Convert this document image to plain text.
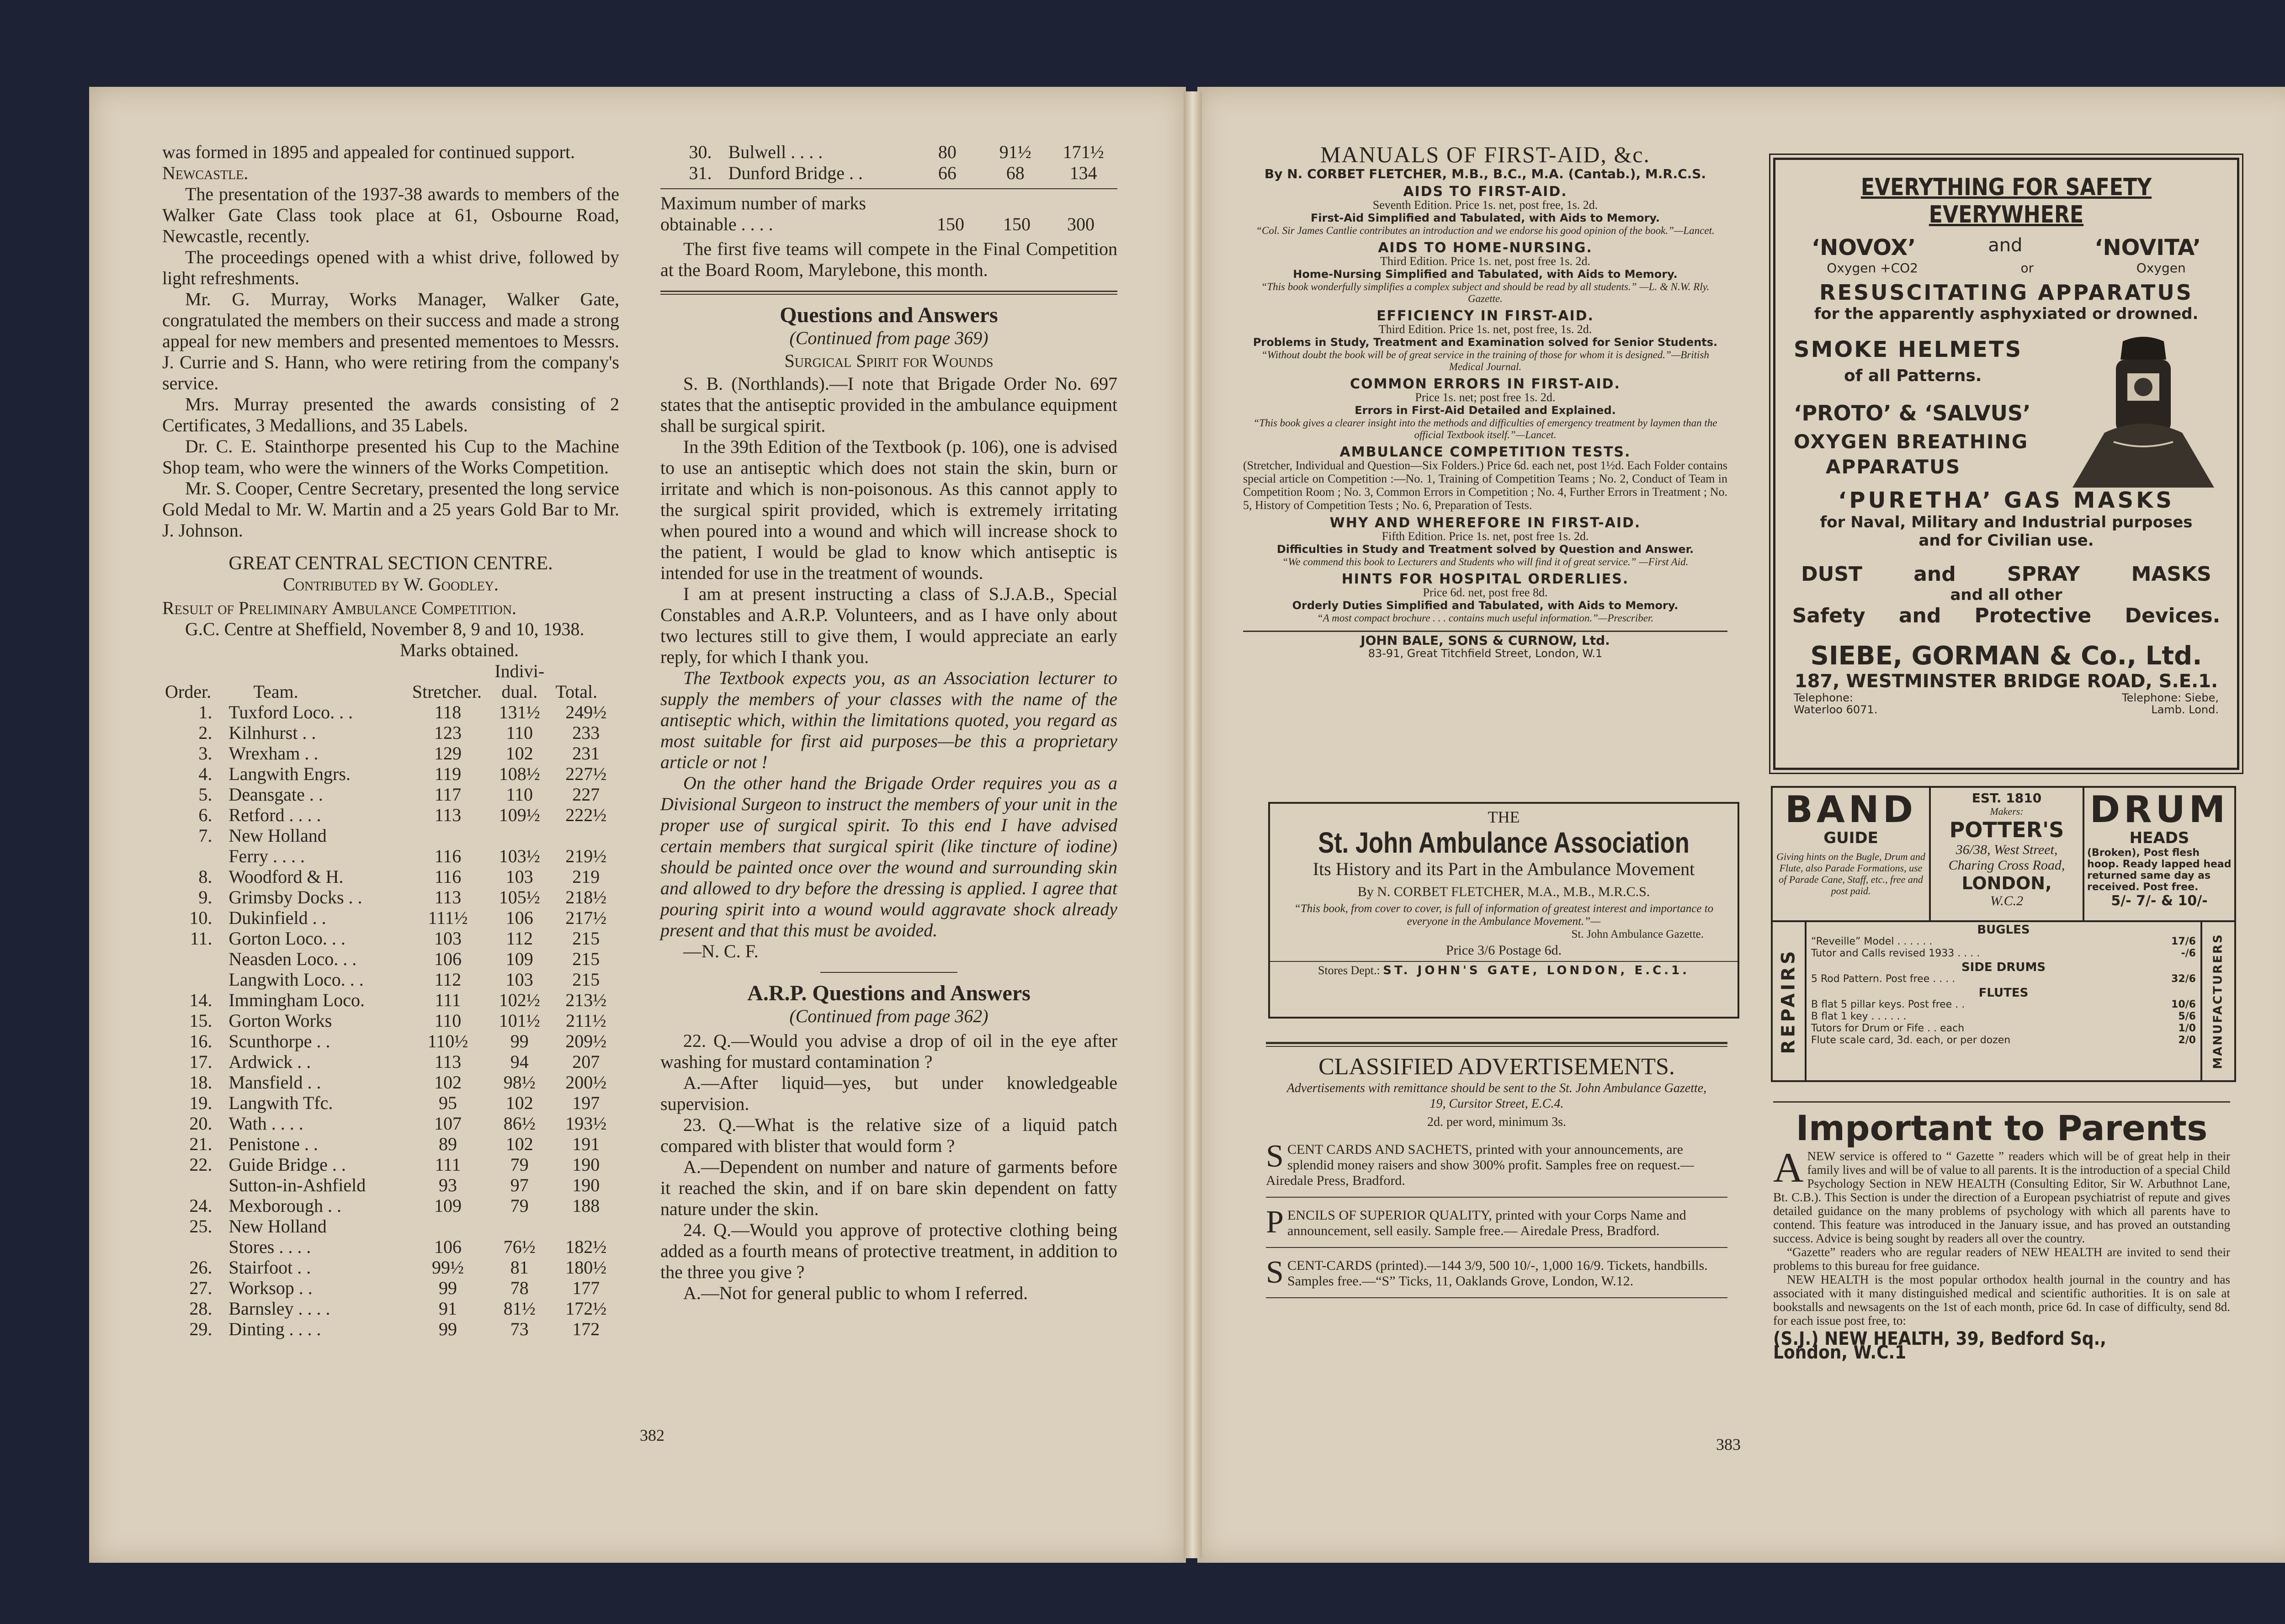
was formed in 1895 and appealed for continued support.

Newcastle.

The presentation of the 1937-38 awards to members of the Walker Gate Class took place at 61, Osbourne Road, Newcastle, recently.

The proceedings opened with a whist drive, followed by light refreshments.

Mr. G. Murray, Works Manager, Walker Gate, congratulated the members on their success and made a strong appeal for new members and presented mementoes to Messrs. J. Currie and S. Hann, who were retiring from the company's service.

Mrs. Murray presented the awards consisting of 2 Certificates, 3 Medallions, and 35 Labels.

Dr. C. E. Stainthorpe presented his Cup to the Machine Shop team, who were the winners of the Works Competition.

Mr. S. Cooper, Centre Secretary, presented the long service Gold Medal to Mr. W. Martin and a 25 years Gold Bar to Mr. J. Johnson.

GREAT CENTRAL SECTION CENTRE.
Contributed by W. Goodley.
Result of Preliminary Ambulance Competition.

G.C. Centre at Sheffield, November 8, 9 and 10, 1938.

Marks obtained.
Order.	Team.	Stretcher.	Indivi-dual.	Total.
1.	Tuxford Loco. . .	118	131½	249½
2.	Kilnhurst . .	123	110	233
3.	Wrexham . .	129	102	231
4.	Langwith Engrs.	119	108½	227½
5.	Deansgate . .	117	110	227
6.	Retford . . . .	113	109½	222½
7.	New Holland			
	Ferry . . . .	116	103½	219½
8.	Woodford & H.	116	103	219
9.	Grimsby Docks . .	113	105½	218½
10.	Dukinfield . .	111½	106	217½
11.	Gorton Loco. . .	103	112	215
	Neasden Loco. . .	106	109	215
	Langwith Loco. . .	112	103	215
14.	Immingham Loco.	111	102½	213½
15.	Gorton Works	110	101½	211½
16.	Scunthorpe . .	110½	99	209½
17.	Ardwick . .	113	94	207
18.	Mansfield . .	102	98½	200½
19.	Langwith Tfc.	95	102	197
20.	Wath . . . .	107	86½	193½
21.	Penistone . .	89	102	191
22.	Guide Bridge . .	111	79	190
	Sutton-in-Ashfield	93	97	190
24.	Mexborough . .	109	79	188
25.	New Holland			
	Stores . . . .	106	76½	182½
26.	Stairfoot . .	99½	81	180½
27.	Worksop . .	99	78	177
28.	Barnsley . . . .	91	81½	172½
29.	Dinting . . . .	99	73	172
30.	Bulwell . . . .	80	91½	171½
31.	Dunford Bridge . .	66	68	134
Maximum number of marks obtainable . . . .	150	150	300

The first five teams will compete in the Final Competition at the Board Room, Marylebone, this month.

Questions and Answers
(Continued from page 369)
Surgical Spirit for Wounds

S. B. (Northlands).—I note that Brigade Order No. 697 states that the antiseptic provided in the ambulance equipment shall be surgical spirit.

In the 39th Edition of the Textbook (p. 106), one is advised to use an antiseptic which does not stain the skin, burn or irritate and which is non-poisonous. As this cannot apply to the surgical spirit provided, which is extremely irritating when poured into a wound and which will increase shock to the patient, I would be glad to know which antiseptic is intended for use in the treatment of wounds.

I am at present instructing a class of S.J.A.B., Special Constables and A.R.P. Volunteers, and as I have only about two lectures still to give them, I would appreciate an early reply, for which I thank you.

The Textbook expects you, as an Association lecturer to supply the members of your classes with the name of the antiseptic which, within the limitations quoted, you regard as most suitable for first aid purposes—be this a proprietary article or not !

On the other hand the Brigade Order requires you as a Divisional Surgeon to instruct the members of your unit in the proper use of surgical spirit. To this end I have advised certain members that surgical spirit (like tincture of iodine) should be painted once over the wound and surrounding skin and allowed to dry before the dressing is applied. I agree that pouring spirit into a wound would aggravate shock already present and that this must be avoided.

—N. C. F.
A.R.P. Questions and Answers
(Continued from page 362)

22. Q.—Would you advise a drop of oil in the eye after washing for mustard contamination ?

A.—After liquid—yes, but under knowledgeable supervision.

23. Q.—What is the relative size of a liquid patch compared with blister that would form ?

A.—Dependent on number and nature of garments before it reached the skin, and if on bare skin dependent on fatty nature under the skin.

24. Q.—Would you approve of protective clothing being added as a fourth means of protective treatment, in addition to the three you give ?

A.—Not for general public to whom I referred.

382
MANUALS OF FIRST-AID, &c.
By N. CORBET FLETCHER, M.B., B.C., M.A. (Cantab.), M.R.C.S.
AIDS TO FIRST-AID.
Seventh Edition. Price 1s. net, post free, 1s. 2d.
First-Aid Simplified and Tabulated, with Aids to Memory.
“Col. Sir James Cantlie contributes an introduction and we endorse his good opinion of the book.”—Lancet.
AIDS TO HOME-NURSING.
Third Edition. Price 1s. net, post free 1s. 2d.
Home-Nursing Simplified and Tabulated, with Aids to Memory.
“This book wonderfully simplifies a complex subject and should be read by all students.” —L. & N.W. Rly. Gazette.
EFFICIENCY IN FIRST-AID.
Third Edition. Price 1s. net, post free, 1s. 2d.
Problems in Study, Treatment and Examination solved for Senior Students.
“Without doubt the book will be of great service in the training of those for whom it is designed.”—British Medical Journal.
COMMON ERRORS IN FIRST-AID.
Price 1s. net; post free 1s. 2d.
Errors in First-Aid Detailed and Explained.
“This book gives a clearer insight into the methods and difficulties of emergency treatment by laymen than the official Textbook itself.”—Lancet.
AMBULANCE COMPETITION TESTS.
(Stretcher, Individual and Question—Six Folders.) Price 6d. each net, post 1½d. Each Folder contains special article on Competition :—No. 1, Training of Competition Teams ; No. 2, Conduct of Team in Competition Room ; No. 3, Common Errors in Competition ; No. 4, Further Errors in Treatment ; No. 5, History of Competition Tests ; No. 6, Preparation of Tests.
WHY AND WHEREFORE IN FIRST-AID.
Fifth Edition. Price 1s. net, post free 1s. 2d.
Difficulties in Study and Treatment solved by Question and Answer.
“We commend this book to Lecturers and Students who will find it of great service.” —First Aid.
HINTS FOR HOSPITAL ORDERLIES.
Price 6d. net, post free 8d.
Orderly Duties Simplified and Tabulated, with Aids to Memory.
“A most compact brochure . . . contains much useful information.”—Prescriber.
JOHN BALE, SONS & CURNOW, Ltd.
83-91, Great Titchfield Street, London, W.1
THE
St. John Ambulance Association
Its History and its Part in the Ambulance Movement
By N. CORBET FLETCHER, M.A., M.B., M.R.C.S.
“This book, from cover to cover, is full of information of greatest interest and importance to everyone in the Ambulance Movement.”—
St. John Ambulance Gazette.
Price 3/6 Postage 6d.
Stores Dept.: ST. JOHN'S GATE, LONDON, E.C.1.
CLASSIFIED ADVERTISEMENTS.
Advertisements with remittance should be sent to the St. John Ambulance Gazette, 19, Cursitor Street, E.C.4.
2d. per word, minimum 3s.
SCENT CARDS AND SACHETS, printed with your announcements, are splendid money raisers and show 300% profit. Samples free on request.—Airedale Press, Bradford.
PENCILS OF SUPERIOR QUALITY, printed with your Corps Name and announcement, sell easily. Sample free.— Airedale Press, Bradford.
SCENT-CARDS (printed).—144 3/9, 500 10/-, 1,000 16/9. Tickets, handbills. Samples free.—“S” Ticks, 11, Oaklands Grove, London, W.12.
EVERYTHING FOR SAFETY EVERYWHERE
‘NOVOX’	and	‘NOVITA’
Oxygen +CO2	or	Oxygen
RESUSCITATING APPARATUS
for the apparently asphyxiated or drowned.
SMOKE HELMETS
of all Patterns.
‘PROTO’ & ‘SALVUS’
OXYGEN BREATHING
APPARATUS
‘PURETHA’ GAS MASKS
for Naval, Military and Industrial purposes
and for Civilian use.
DUST	and	SPRAY	MASKS
and all other
Safety and Protective Devices.
SIEBE, GORMAN & Co., Ltd.
187, WESTMINSTER BRIDGE ROAD, S.E.1.
Telephone: Waterloo 6071.
Telephone: Siebe, Lamb. Lond.
BAND
GUIDE
Giving hints on the Bugle, Drum and Flute, also Parade Formations, use of Parade Cane, Staff, etc., free and post paid.
EST. 1810
Makers:
POTTER'S
36/38, West Street, Charing Cross Road,
LONDON,
W.C.2
DRUM
HEADS
(Broken), Post flesh hoop. Ready lapped head returned same day as received. Post free.
5/- 7/- & 10/-
REPAIRS
BUGLES
“Reveille” Model . . . . . .	17/6
Tutor and Calls revised 1933 . . . .	-/6
SIDE DRUMS
5 Rod Pattern. Post free . . . .	32/6
FLUTES
B flat 5 pillar keys. Post free . .	10/6
B flat 1 key . . . . . .	5/6
Tutors for Drum or Fife . . each	1/0
Flute scale card, 3d. each, or per dozen	2/0 MANUFACTURERS
Important to Parents
ANEW service is offered to “ Gazette ” readers which will be of great help in their family lives and will be of value to all parents. It is the introduction of a special Child Psychology Section in NEW HEALTH (Consulting Editor, Sir W. Arbuthnot Lane, Bt. C.B.). This Section is under the direction of a European psychiatrist of repute and gives detailed guidance on the many problems of psychology with which all parents have to contend. This feature was introduced in the January issue, and has proved an outstanding success. Advice is being sought by readers all over the country.

“Gazette” readers who are regular readers of NEW HEALTH are invited to send their problems to this bureau for free guidance.

NEW HEALTH is the most popular orthodox health journal in the country and has associated with it many distinguished medical and scientific authorities. It is on sale at bookstalls and newsagents on the 1st of each month, price 6d. In case of difficulty, send 8d. for each issue post free, to:

(S.J.) NEW HEALTH, 39, Bedford Sq., London, W.C.1
383
